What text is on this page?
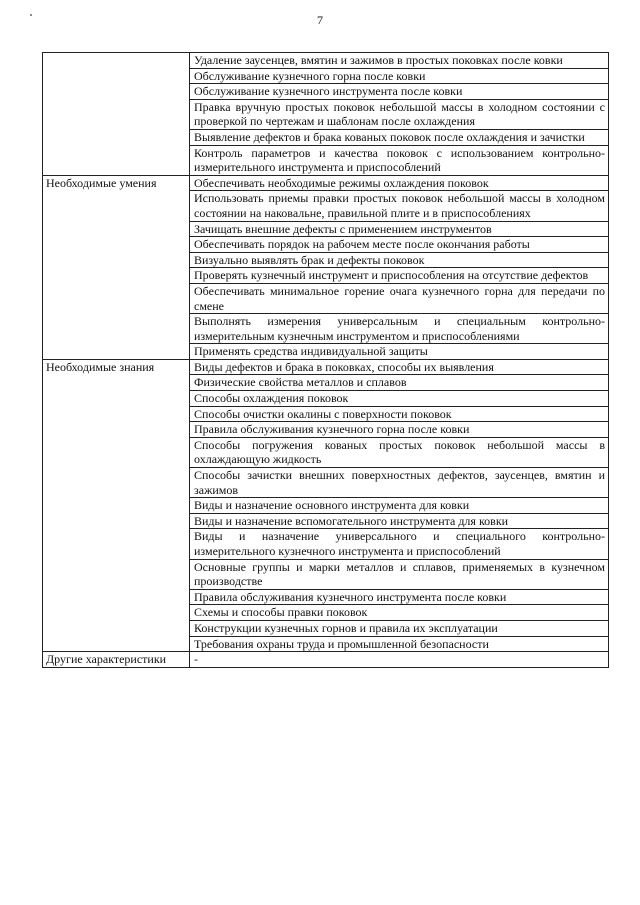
7
	Удаление заусенцев, вмятин и зажимов в простых поковках после ковки
	Обслуживание кузнечного горна после ковки
	Обслуживание кузнечного инструмента после ковки
	Правка вручную простых поковок небольшой массы в холодном состоянии с проверкой по чертежам и шаблонам после охлаждения
	Выявление дефектов и брака кованых поковок после охлаждения и зачистки
	Контроль параметров и качества поковок с использованием контрольно-измерительного инструмента и приспособлений
Необходимые умения	Обеспечивать необходимые режимы охлаждения поковок
	Использовать приемы правки простых поковок небольшой массы в холодном состоянии на наковальне, правильной плите и в приспособлениях
	Зачищать внешние дефекты с применением инструментов
	Обеспечивать порядок на рабочем месте после окончания работы
	Визуально выявлять брак и дефекты поковок
	Проверять кузнечный инструмент и приспособления на отсутствие дефектов
	Обеспечивать минимальное горение очага кузнечного горна для передачи по смене
	Выполнять измерения универсальным и специальным контрольно-измерительным кузнечным инструментом и приспособлениями
	Применять средства индивидуальной защиты
Необходимые знания	Виды дефектов и брака в поковках, способы их выявления
	Физические свойства металлов и сплавов
	Способы охлаждения поковок
	Способы очистки окалины с поверхности поковок
	Правила обслуживания кузнечного горна после ковки
	Способы погружения кованых простых поковок небольшой массы в охлаждающую жидкость
	Способы зачистки внешних поверхностных дефектов, заусенцев, вмятин и зажимов
	Виды и назначение основного инструмента для ковки
	Виды и назначение вспомогательного инструмента для ковки
	Виды и назначение универсального и специального контрольно-измерительного кузнечного инструмента и приспособлений
	Основные группы и марки металлов и сплавов, применяемых в кузнечном производстве
	Правила обслуживания кузнечного инструмента после ковки
	Схемы и способы правки поковок
	Конструкции кузнечных горнов и правила их эксплуатации
	Требования охраны труда и промышленной безопасности
Другие характеристики	-
